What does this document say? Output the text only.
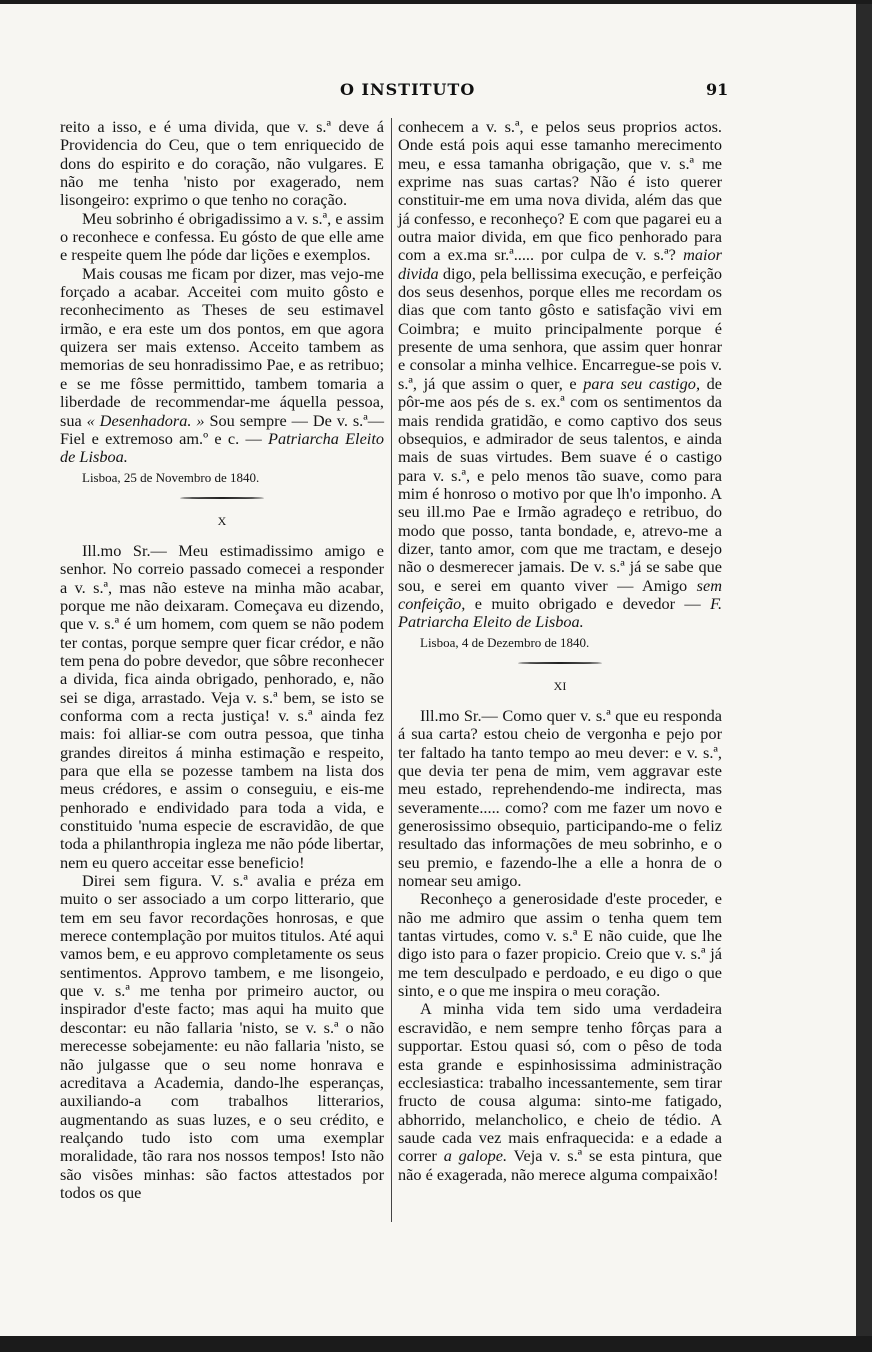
O INSTITUTO	91

reito a isso, e é uma divida, que v. s.ª deve á Providencia do Ceu, que o tem enriquecido de dons do espirito e do coração, não vulgares. E não me tenha 'nisto por exagerado, nem lisongeiro: exprimo o que tenho no coração.

Meu sobrinho é obrigadissimo a v. s.ª, e assim o reconhece e confessa. Eu gósto de que elle ame e respeite quem lhe póde dar lições e exemplos.

Mais cousas me ficam por dizer, mas vejo-me forçado a acabar. Acceitei com muito gôsto e reconhecimento as Theses de seu estimavel irmão, e era este um dos pontos, em que agora quizera ser mais extenso. Acceito tambem as memorias de seu honradissimo Pae, e as retribuo; e se me fôsse permittido, tambem tomaria a liberdade de recommendar-me áquella pessoa, sua « Desenhadora. » Sou sempre — De v. s.ª— Fiel e extremoso am.º e c. — Patriarcha Eleito de Lisboa.

Lisboa, 25 de Novembro de 1840.

X

Ill.mo Sr.— Meu estimadissimo amigo e senhor. No correio passado comecei a responder a v. s.ª, mas não esteve na minha mão acabar, porque me não deixaram. Começava eu dizendo, que v. s.ª é um homem, com quem se não podem ter contas, porque sempre quer ficar crédor, e não tem pena do pobre devedor, que sôbre reconhecer a divida, fica ainda obrigado, penhorado, e, não sei se diga, arrastado. Veja v. s.ª bem, se isto se conforma com a recta justiça! v. s.ª ainda fez mais: foi alliar-se com outra pessoa, que tinha grandes direitos á minha estimação e respeito, para que ella se pozesse tambem na lista dos meus crédores, e assim o conseguiu, e eis-me penhorado e endividado para toda a vida, e constituido 'numa especie de escravidão, de que toda a philanthropia ingleza me não póde libertar, nem eu quero acceitar esse beneficio!

Direi sem figura. V. s.ª avalia e préza em muito o ser associado a um corpo litterario, que tem em seu favor recordações honrosas, e que merece contemplação por muitos titulos. Até aqui vamos bem, e eu approvo completamente os seus sentimentos. Approvo tambem, e me lisongeio, que v. s.ª me tenha por primeiro auctor, ou inspirador d'este facto; mas aqui ha muito que descontar: eu não fallaria 'nisto, se v. s.ª o não merecesse sobejamente: eu não fallaria 'nisto, se não julgasse que o seu nome honrava e acreditava a Academia, dando-lhe esperanças, auxiliando-a com trabalhos litterarios, augmentando as suas luzes, e o seu crédito, e realçando tudo isto com uma exemplar moralidade, tão rara nos nossos tempos! Isto não são visões minhas: são factos attestados por todos os que

conhecem a v. s.ª, e pelos seus proprios actos. Onde está pois aqui esse tamanho merecimento meu, e essa tamanha obrigação, que v. s.ª me exprime nas suas cartas? Não é isto querer constituir-me em uma nova divida, além das que já confesso, e reconheço? E com que pagarei eu a outra maior divida, em que fico penhorado para com a ex.ma sr.ª..... por culpa de v. s.ª? maior divida digo, pela bellissima execução, e perfeição dos seus desenhos, porque elles me recordam os dias que com tanto gôsto e satisfação vivi em Coimbra; e muito principalmente porque é presente de uma senhora, que assim quer honrar e consolar a minha velhice. Encarregue-se pois v. s.ª, já que assim o quer, e para seu castigo, de pôr-me aos pés de s. ex.ª com os sentimentos da mais rendida gratidão, e como captivo dos seus obsequios, e admirador de seus talentos, e ainda mais de suas virtudes. Bem suave é o castigo para v. s.ª, e pelo menos tão suave, como para mim é honroso o motivo por que lh'o imponho. A seu ill.mo Pae e Irmão agradeço e retribuo, do modo que posso, tanta bondade, e, atrevo-me a dizer, tanto amor, com que me tractam, e desejo não o desmerecer jamais. De v. s.ª já se sabe que sou, e serei em quanto viver — Amigo sem confeição, e muito obrigado e devedor — F. Patriarcha Eleito de Lisboa.

Lisboa, 4 de Dezembro de 1840.

XI

Ill.mo Sr.— Como quer v. s.ª que eu responda á sua carta? estou cheio de vergonha e pejo por ter faltado ha tanto tempo ao meu dever: e v. s.ª, que devia ter pena de mim, vem aggravar este meu estado, reprehendendo-me indirecta, mas severamente..... como? com me fazer um novo e generosissimo obsequio, participando-me o feliz resultado das informações de meu sobrinho, e o seu premio, e fazendo-lhe a elle a honra de o nomear seu amigo.

Reconheço a generosidade d'este proceder, e não me admiro que assim o tenha quem tem tantas virtudes, como v. s.ª E não cuide, que lhe digo isto para o fazer propicio. Creio que v. s.ª já me tem desculpado e perdoado, e eu digo o que sinto, e o que me inspira o meu coração.

A minha vida tem sido uma verdadeira escravidão, e nem sempre tenho fôrças para a supportar. Estou quasi só, com o pêso de toda esta grande e espinhosissima administração ecclesiastica: trabalho incessantemente, sem tirar fructo de cousa alguma: sinto-me fatigado, abhorrido, melancholico, e cheio de tédio. A saude cada vez mais enfraquecida: e a edade a correr a galope. Veja v. s.ª se esta pintura, que não é exagerada, não merece alguma compaixão!
